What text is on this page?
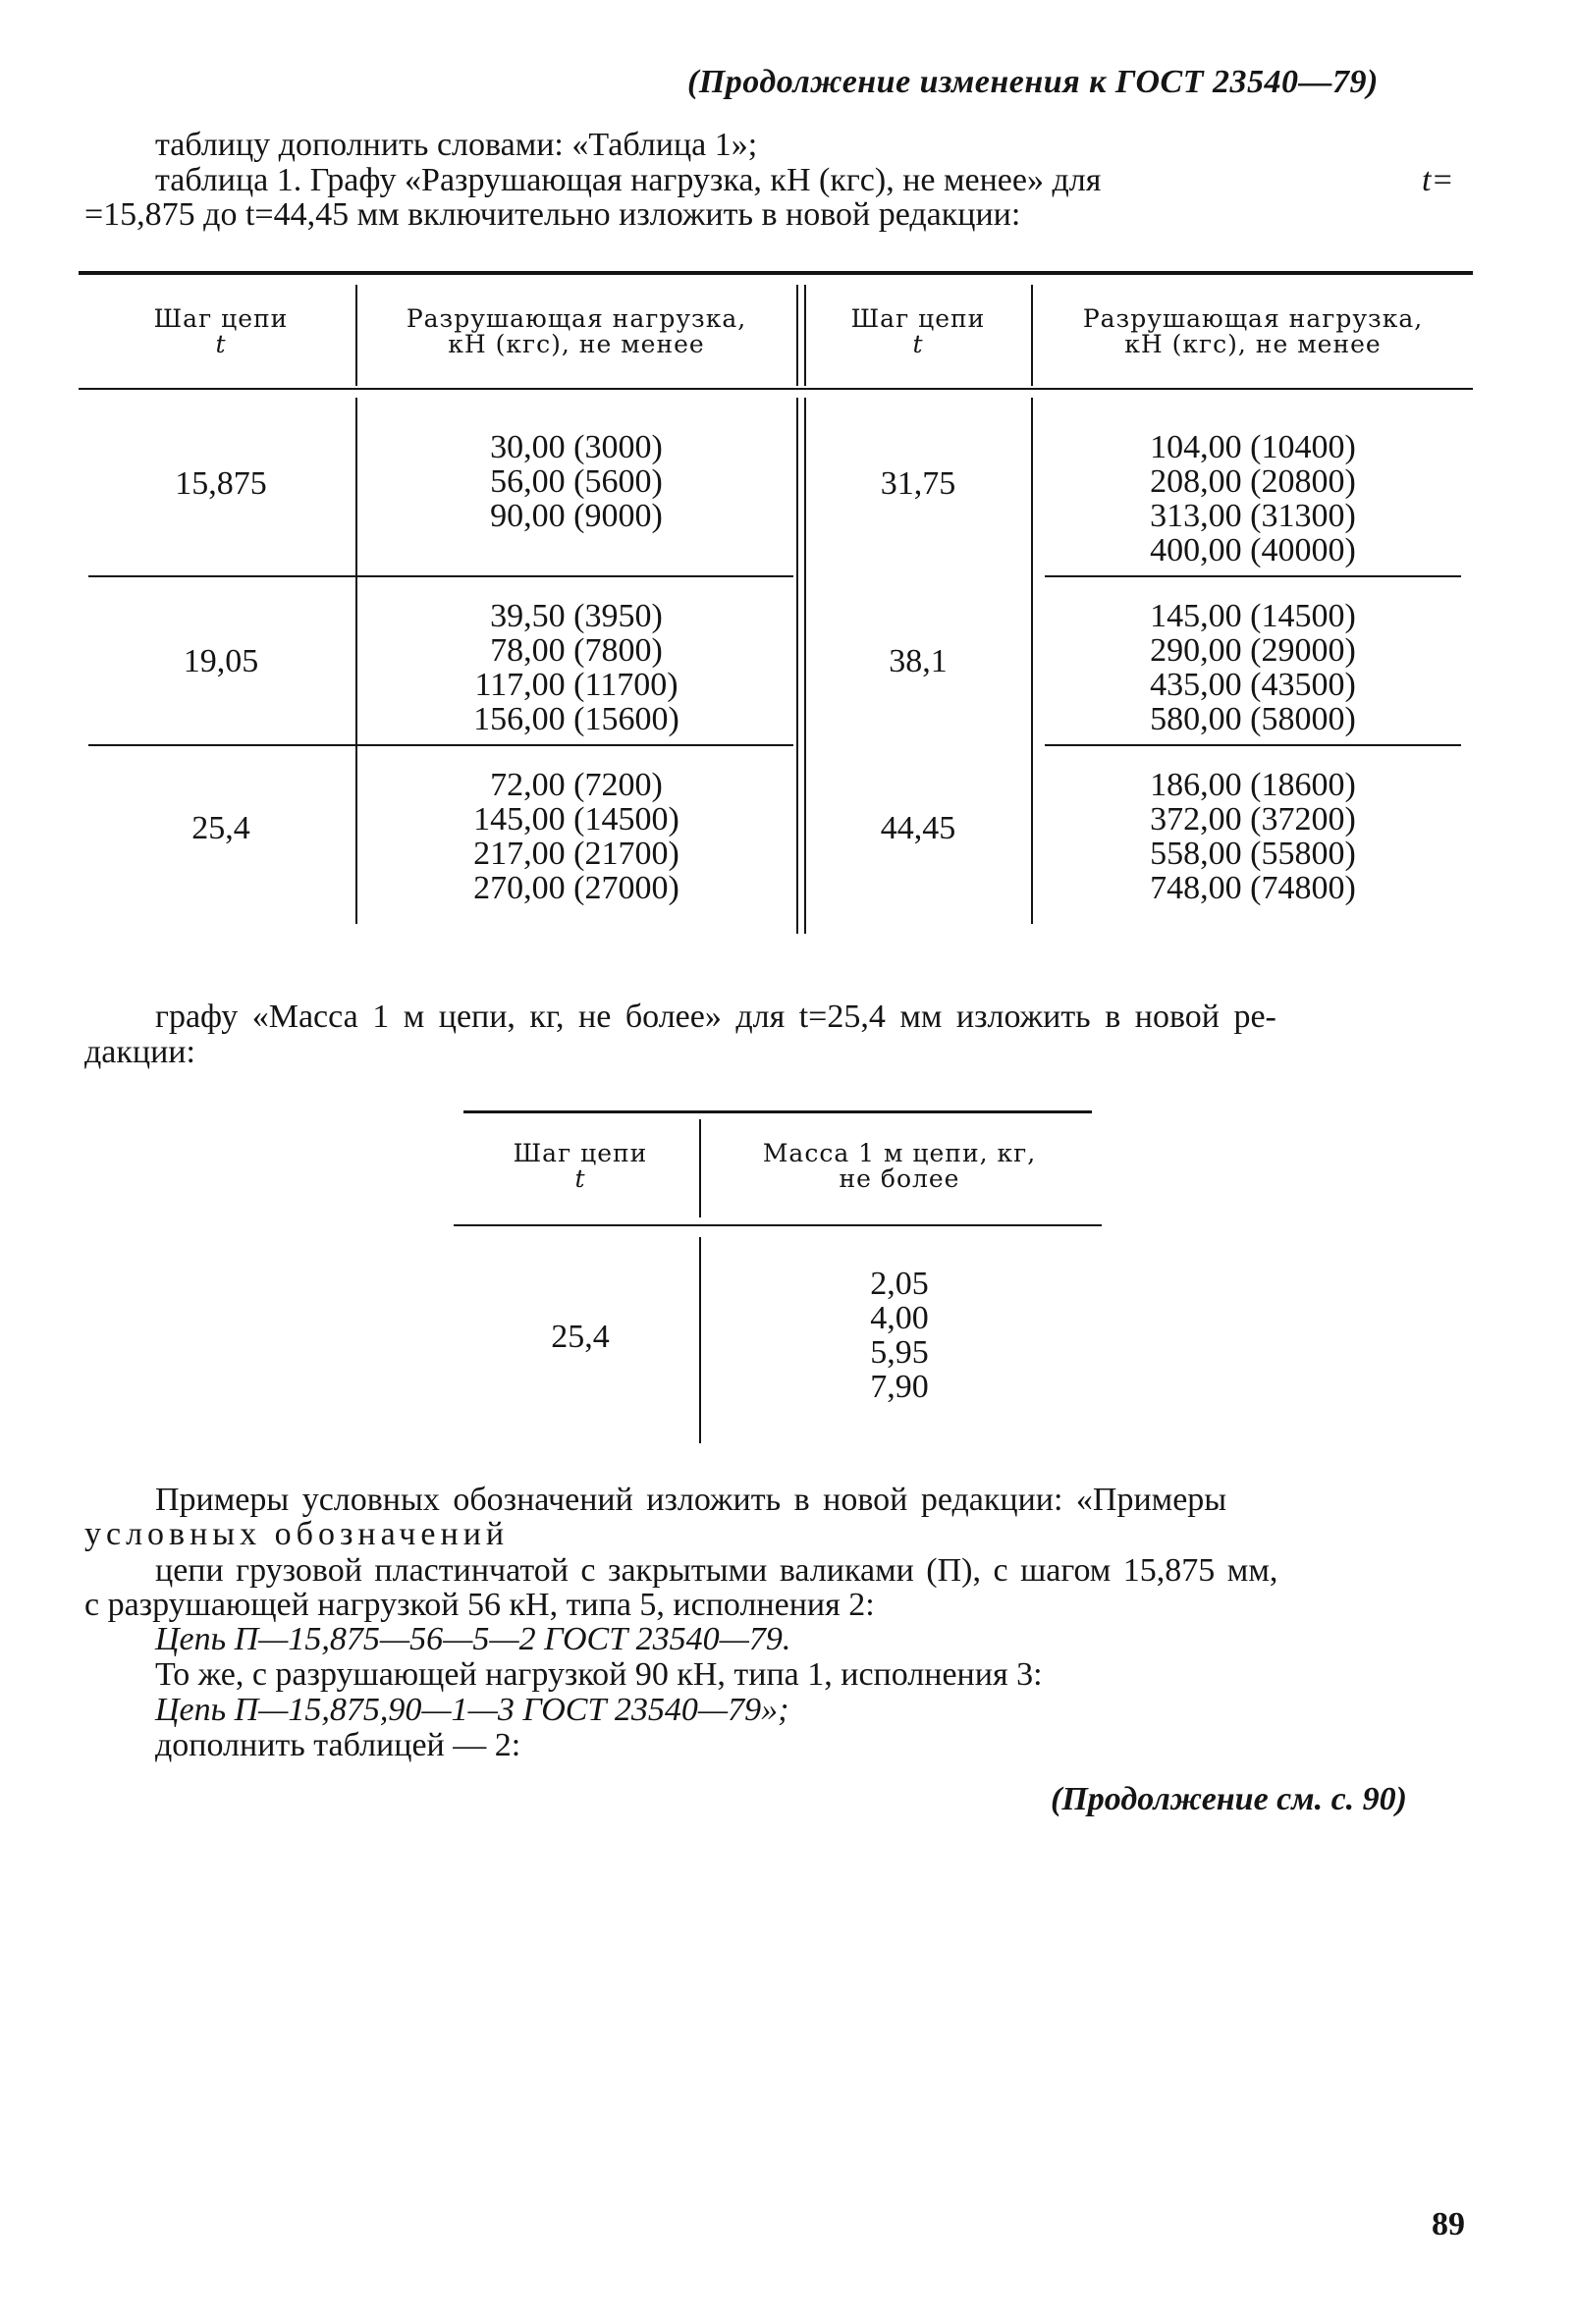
(Продолжение изменения к ГОСТ 23540—79)
таблицу дополнить словами: «Таблица 1»;
таблица 1. Графу «Разрушающая нагрузка, кН (кгс), не менее» для	t=
=15,875 до t=44,45 мм включительно изложить в новой редакции:
Шаг цепи
t
Разрушающая нагрузка,
кН (кгс), не менее
Шаг цепи
t
Разрушающая нагрузка,
кН (кгс), не менее
15,875
30,00 (3000)
56,00 (5600)
90,00 (9000)
31,75
104,00 (10400)
208,00 (20800)
313,00 (31300)
400,00 (40000)
19,05
39,50 (3950)
78,00 (7800)
117,00 (11700)
156,00 (15600)
38,1
145,00 (14500)
290,00 (29000)
435,00 (43500)
580,00 (58000)
25,4
72,00 (7200)
145,00 (14500)
217,00 (21700)
270,00 (27000)
44,45
186,00 (18600)
372,00 (37200)
558,00 (55800)
748,00 (74800)
графу «Масса 1 м цепи, кг, не более» для t=25,4 мм изложить в новой ре-
дакции:
Шаг цепи
t
Масса 1 м цепи, кг,
не более
25,4
2,05
4,00
5,95
7,90
Примеры условных обозначений изложить в новой редакции: «Примеры
условных обозначений
цепи грузовой пластинчатой с закрытыми валиками (П), с шагом 15,875 мм,
с разрушающей нагрузкой 56 кН, типа 5, исполнения 2:
Цепь П—15,875—56—5—2 ГОСТ 23540—79.
То же, с разрушающей нагрузкой 90 кН, типа 1, исполнения 3:
Цепь П—15,875,90—1—3 ГОСТ 23540—79»;
дополнить таблицей — 2:
(Продолжение см. с. 90)
89
